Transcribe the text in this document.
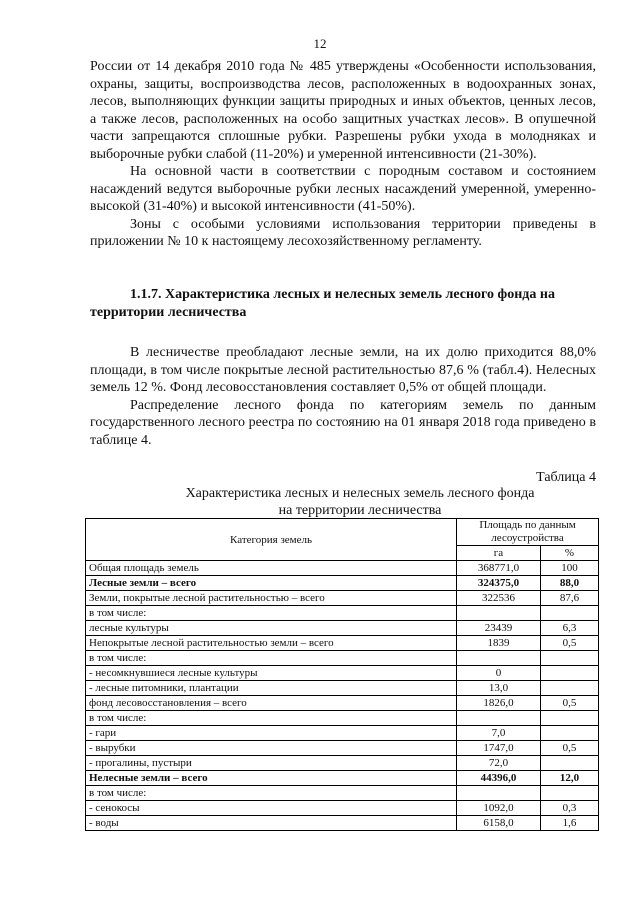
12

России от 14 декабря 2010 года № 485 утверждены «Особенности использования, охраны, защиты, воспроизводства лесов, расположенных в водоохранных зонах, лесов, выполняющих функции защиты природных и иных объектов, ценных лесов, а также лесов, расположенных на особо защитных участках лесов». В опушечной части запрещаются сплошные рубки. Разрешены рубки ухода в молодняках и выборочные рубки слабой (11-20%) и умеренной интенсивности (21-30%).

На основной части в соответствии с породным составом и состоянием насаждений ведутся выборочные рубки лесных насаждений умеренной, умеренно-высокой (31-40%) и высокой интенсивности (41-50%).

Зоны с особыми условиями использования территории приведены в приложении № 10 к настоящему лесохозяйственному регламенту.

1.1.7. Характеристика лесных и нелесных земель лесного фонда на территории лесничества

В лесничестве преобладают лесные земли, на их долю приходится 88,0% площади, в том числе покрытые лесной растительностью 87,6 % (табл.4). Нелесных земель 12 %. Фонд лесовосстановления составляет 0,5% от общей площади.

Распределение лесного фонда по категориям земель по данным государственного лесного реестра по состоянию на 01 января 2018 года приведено в таблице 4.

Таблица 4
Характеристика лесных и нелесных земель лесного фонда
на территории лесничества
Категория земель	Площадь по данным лесоустройства	
	га	%
Общая площадь земель	368771,0	100
Лесные земли – всего	324375,0	88,0
Земли, покрытые лесной растительностью – всего	322536	87,6
в том числе:		
лесные культуры	23439	6,3
Непокрытые лесной растительностью земли – всего	1839	0,5
в том числе:		
- несомкнувшиеся лесные культуры	0	
- лесные питомники, плантации	13,0	
фонд лесовосстановления – всего	1826,0	0,5
в том числе:		
- гари	7,0	
- вырубки	1747,0	0,5
- прогалины, пустыри	72,0	
Нелесные земли – всего	44396,0	12,0
в том числе:		
- сенокосы	1092,0	0,3
- воды	6158,0	1,6
